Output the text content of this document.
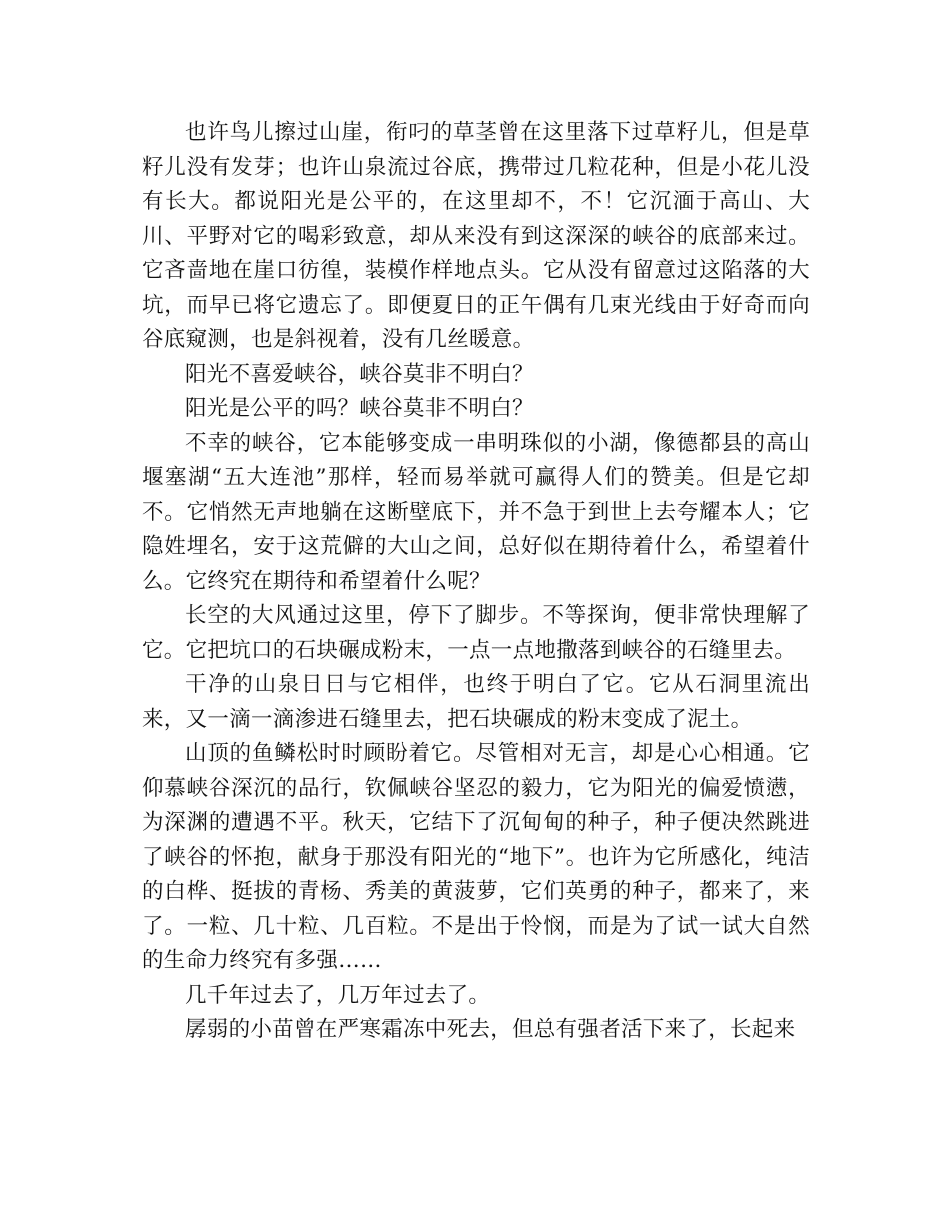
也许鸟儿擦过山崖，衔叼的草茎曾在这里落下过草籽儿，但是草籽儿没有发芽；也许山泉流过谷底，携带过几粒花种，但是小花儿没有长大。都说阳光是公平的，在这里却不，不！它沉湎于高山、大川、平野对它的喝彩致意，却从来没有到这深深的峡谷的底部来过。它吝啬地在崖口彷徨，装模作样地点头。它从没有留意过这陷落的大坑，而早已将它遗忘了。即便夏日的正午偶有几束光线由于好奇而向谷底窥测，也是斜视着，没有几丝暖意。

阳光不喜爱峡谷，峡谷莫非不明白？

阳光是公平的吗？峡谷莫非不明白？

不幸的峡谷，它本能够变成一串明珠似的小湖，像德都县的高山堰塞湖“五大连池”那样，轻而易举就可赢得人们的赞美。但是它却不。它悄然无声地躺在这断壁底下，并不急于到世上去夸耀本人；它隐姓埋名，安于这荒僻的大山之间，总好似在期待着什么，希望着什么。它终究在期待和希望着什么呢？

长空的大风通过这里，停下了脚步。不等探询，便非常快理解了它。它把坑口的石块碾成粉末，一点一点地撒落到峡谷的石缝里去。

干净的山泉日日与它相伴，也终于明白了它。它从石洞里流出来，又一滴一滴渗进石缝里去，把石块碾成的粉末变成了泥土。

山顶的鱼鳞松时时顾盼着它。尽管相对无言，却是心心相通。它仰慕峡谷深沉的品行，钦佩峡谷坚忍的毅力，它为阳光的偏爱愤懑，为深渊的遭遇不平。秋天，它结下了沉甸甸的种子，种子便决然跳进了峡谷的怀抱，献身于那没有阳光的“地下”。也许为它所感化，纯洁的白桦、挺拔的青杨、秀美的黄菠萝，它们英勇的种子，都来了，来了。一粒、几十粒、几百粒。不是出于怜悯，而是为了试一试大自然的生命力终究有多强……

几千年过去了，几万年过去了。

孱弱的小苗曾在严寒霜冻中死去，但总有强者活下来了，长起来
